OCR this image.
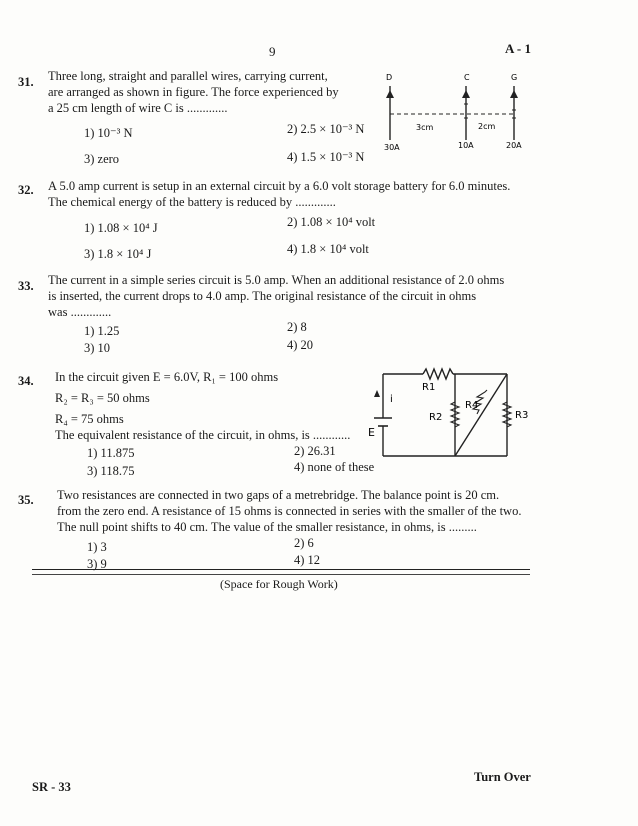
9	A - 1
31. Three long, straight and parallel wires, carrying current,
are arranged as shown in figure. The force experienced by
a 25 cm length of wire C is .............
1) 10⁻³ N	2) 2.5 × 10⁻³ N
3) zero	4) 1.5 × 10⁻³ N
D	C	G
3cm	2cm
30A	10A	20A
32. A 5.0 amp current is setup in an external circuit by a 6.0 volt storage battery for 6.0 minutes.
The chemical energy of the battery is reduced by .............
1) 1.08 × 10⁴ J	2) 1.08 × 10⁴ volt
3) 1.8 × 10⁴ J	4) 1.8 × 10⁴ volt
33. The current in a simple series circuit is 5.0 amp. When an additional resistance of 2.0 ohms
is inserted, the current drops to 4.0 amp. The original resistance of the circuit in ohms
was .............
1) 1.25	2) 8
3) 10	4) 20
34. In the circuit given E = 6.0V, R₁ = 100 ohms
R₂ = R₃ = 50 ohms
R₄ = 75 ohms
The equivalent resistance of the circuit, in ohms, is ............
1) 11.875	2) 26.31
3) 118.75	4) none of these
R1
R2
R4
R3
i
E
35. Two resistances are connected in two gaps of a metrebridge. The balance point is 20 cm.
from the zero end. A resistance of 15 ohms is connected in series with the smaller of the two.
The null point shifts to 40 cm. The value of the smaller resistance, in ohms, is .........
1) 3	2) 6
3) 9	4) 12
(Space for Rough Work)
SR - 33
Turn Over
